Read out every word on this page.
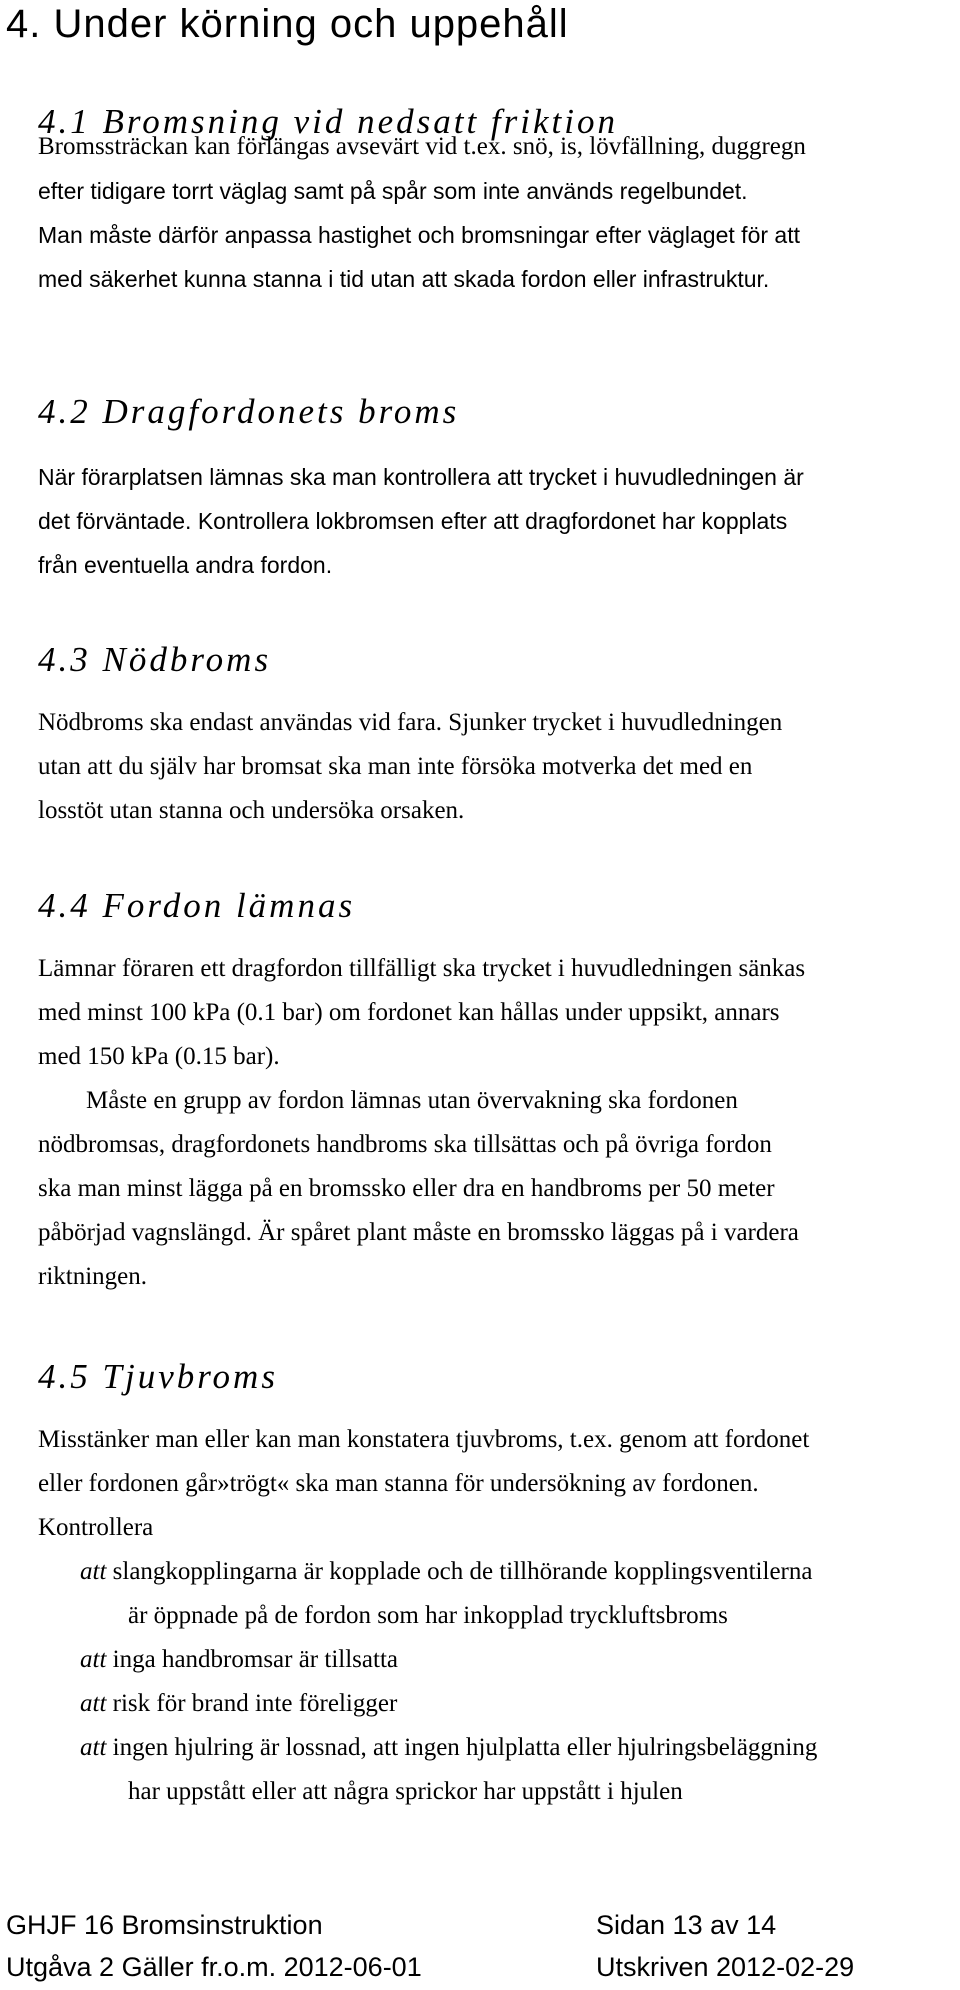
4. Under körning och uppehåll
4.1 Bromsning vid nedsatt friktion

Bromssträckan kan förlängas avsevärt vid t.ex. snö, is, lövfällning, duggregn
efter tidigare torrt väglag samt på spår som inte används regelbundet.
Man måste därför anpassa hastighet och bromsningar efter väglaget för att
med säkerhet kunna stanna i tid utan att skada fordon eller infrastruktur.

4.2 Dragfordonets broms

När förarplatsen lämnas ska man kontrollera att trycket i huvudledningen är
det förväntade. Kontrollera lokbromsen efter att dragfordonet har kopplats
från eventuella andra fordon.

4.3 Nödbroms

Nödbroms ska endast användas vid fara. Sjunker trycket i huvudledningen
utan att du själv har bromsat ska man inte försöka motverka det med en
losstöt utan stanna och undersöka orsaken.

4.4 Fordon lämnas

Lämnar föraren ett dragfordon tillfälligt ska trycket i huvudledningen sänkas
med minst 100 kPa (0.1 bar) om fordonet kan hållas under uppsikt, annars
med 150 kPa (0.15 bar).

Måste en grupp av fordon lämnas utan övervakning ska fordonen
nödbromsas, dragfordonets handbroms ska tillsättas och på övriga fordon
ska man minst lägga på en bromssko eller dra en handbroms per 50 meter
påbörjad vagnslängd. Är spåret plant måste en bromssko läggas på i vardera
riktningen.

4.5 Tjuvbroms

Misstänker man eller kan man konstatera tjuvbroms, t.ex. genom att fordonet
eller fordonen går»trögt« ska man stanna för undersökning av fordonen.
Kontrollera

att slangkopplingarna är kopplade och de tillhörande kopplingsventilerna
är öppnade på de fordon som har inkopplad tryckluftsbroms
att inga handbromsar är tillsatta
att risk för brand inte föreligger
att ingen hjulring är lossnad, att ingen hjulplatta eller hjulringsbeläggning
har uppstått eller att några sprickor har uppstått i hjulen
GHJF 16 Bromsinstruktion	Sidan 13 av 14
Utgåva 2 Gäller fr.o.m. 2012-06-01	Utskriven 2012-02-29
